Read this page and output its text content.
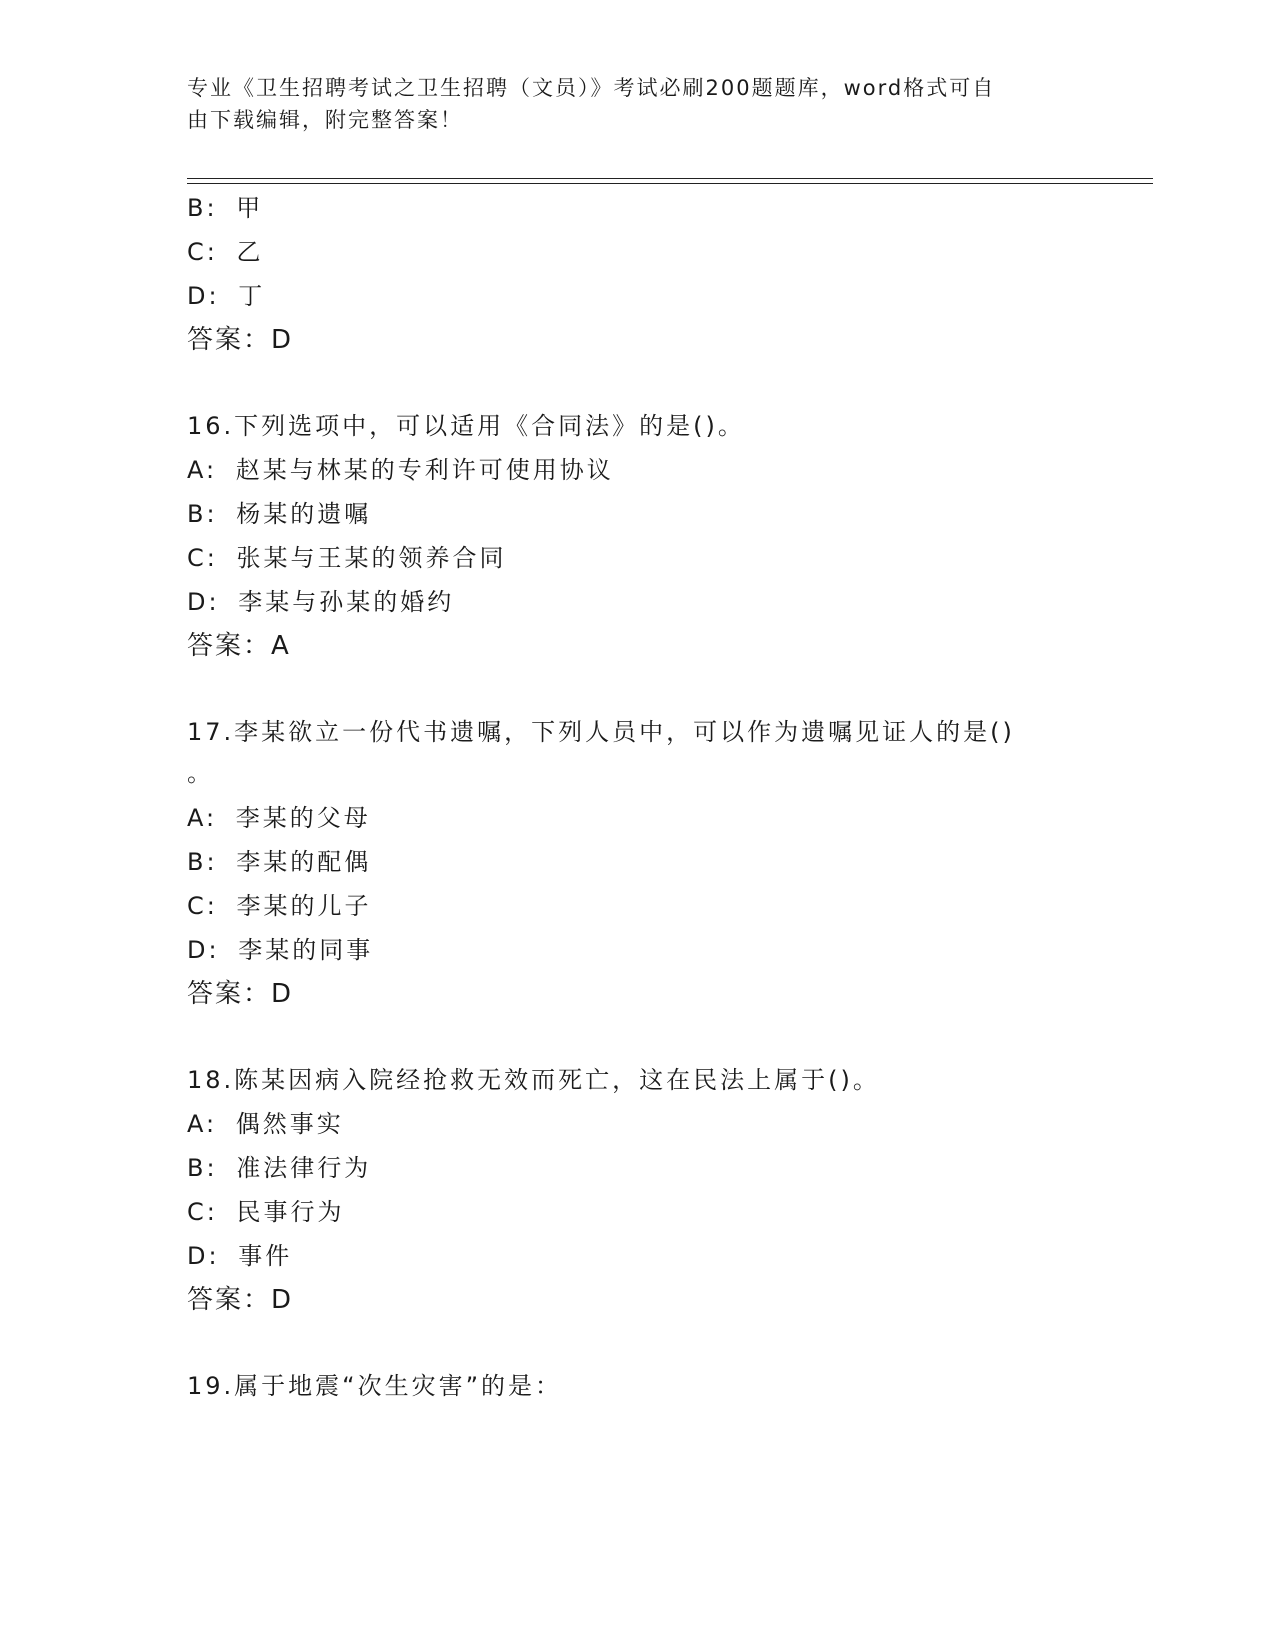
专业《卫生招聘考试之卫生招聘（文员）》考试必刷200题题库，word格式可自
由下载编辑，附完整答案！
B: 甲
C: 乙
D: 丁
答案：D
16.下列选项中，可以适用《合同法》的是()。
A: 赵某与林某的专利许可使用协议
B: 杨某的遗嘱
C: 张某与王某的领养合同
D: 李某与孙某的婚约
答案：A
17.李某欲立一份代书遗嘱，下列人员中，可以作为遗嘱见证人的是()
。
A: 李某的父母
B: 李某的配偶
C: 李某的儿子
D: 李某的同事
答案：D
18.陈某因病入院经抢救无效而死亡，这在民法上属于()。
A: 偶然事实
B: 准法律行为
C: 民事行为
D: 事件
答案：D
19.属于地震“次生灾害”的是：
